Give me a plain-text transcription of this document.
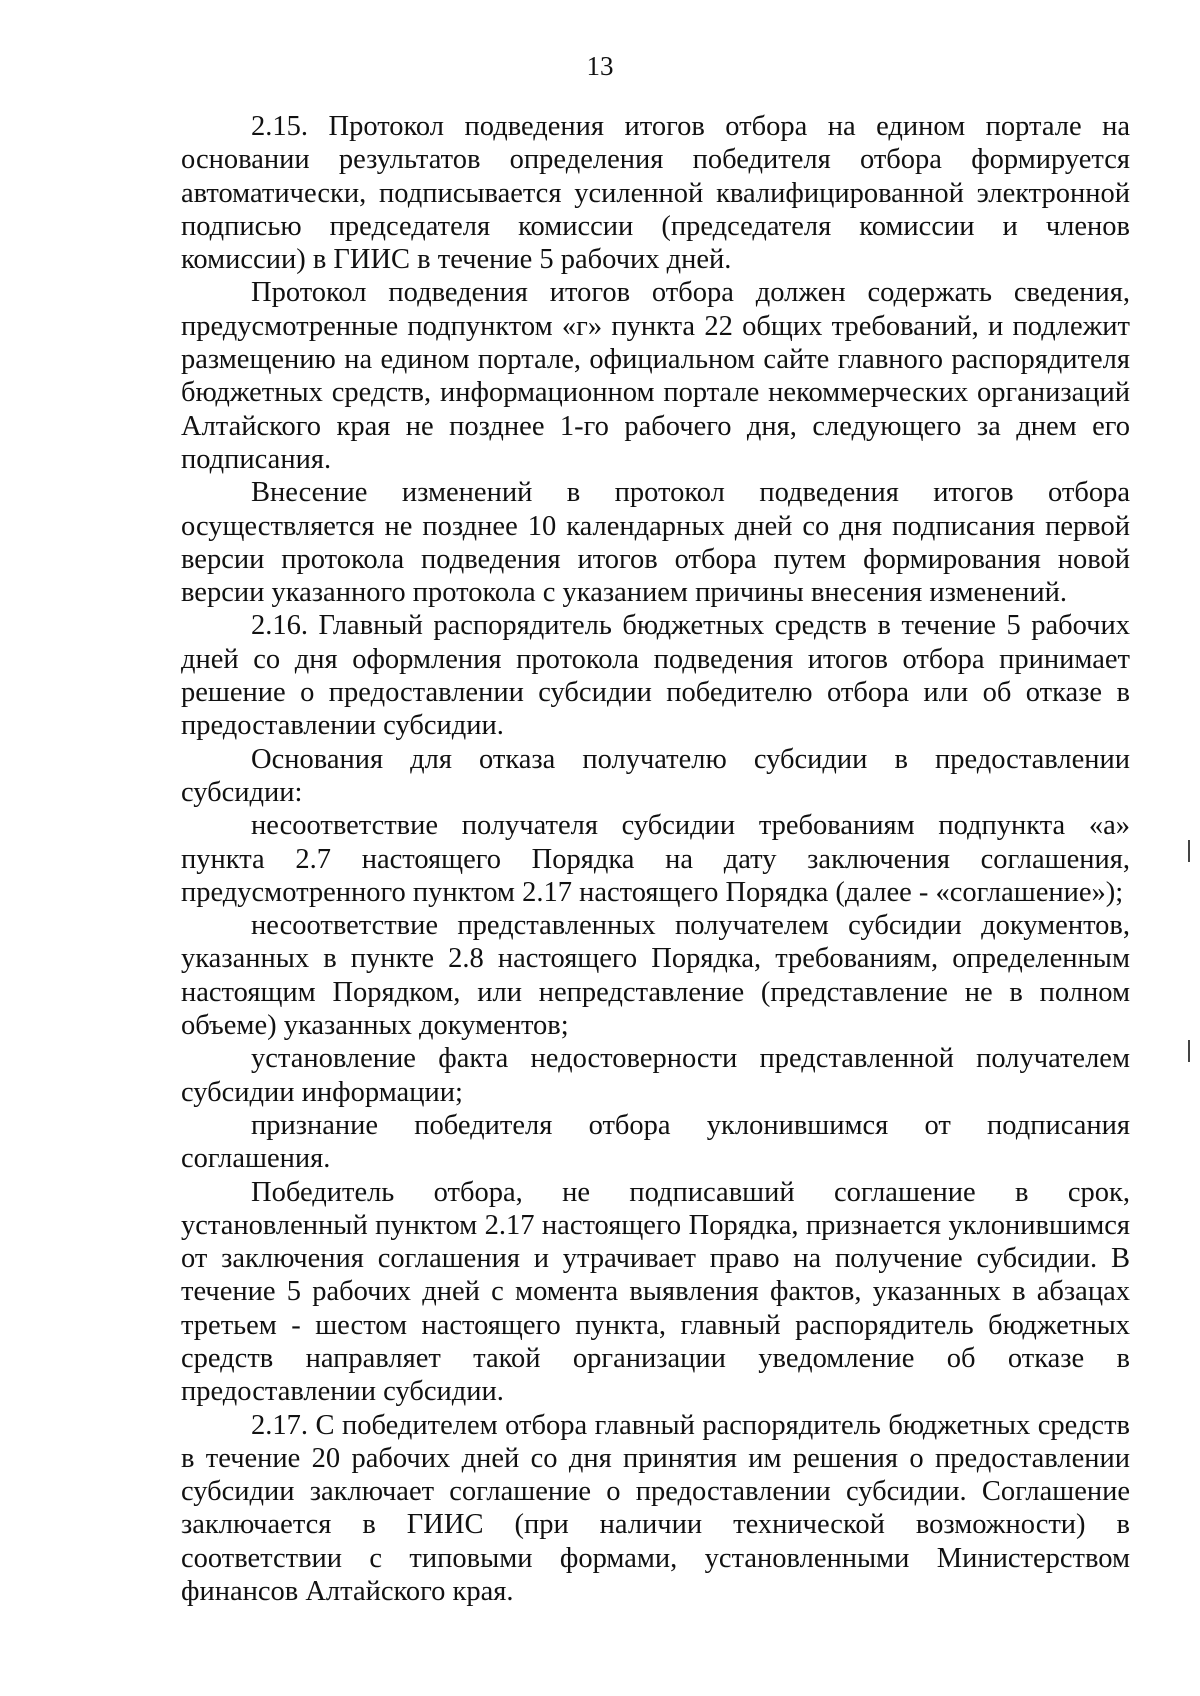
13

2.15. Протокол подведения итогов отбора на едином портале на основании результатов определения победителя отбора формируется автоматически, подписывается усиленной квалифицированной электронной подписью председателя комиссии (председателя комиссии и членов комиссии) в ГИИС в течение 5 рабочих дней.

Протокол подведения итогов отбора должен содержать сведения, предусмотренные подпунктом «г» пункта 22 общих требований, и подлежит размещению на едином портале, официальном сайте главного распорядителя бюджетных средств, информационном портале некоммерческих организаций Алтайского края не позднее 1-го рабочего дня, следующего за днем его подписания.

Внесение изменений в протокол подведения итогов отбора осуществляется не позднее 10 календарных дней со дня подписания первой версии протокола подведения итогов отбора путем формирования новой версии указанного протокола с указанием причины внесения изменений.

2.16. Главный распорядитель бюджетных средств в течение 5 рабочих дней со дня оформления протокола подведения итогов отбора принимает решение о предоставлении субсидии победителю отбора или об отказе в предоставлении субсидии.

Основания для отказа получателю субсидии в предоставлении субсидии:

несоответствие получателя субсидии требованиям подпункта «а» пункта 2.7 настоящего Порядка на дату заключения соглашения, предусмотренного пунктом 2.17 настоящего Порядка (далее - «соглашение»);

несоответствие представленных получателем субсидии документов, указанных в пункте 2.8 настоящего Порядка, требованиям, определенным настоящим Порядком, или непредставление (представление не в полном объеме) указанных документов;

установление факта недостоверности представленной получателем субсидии информации;

признание победителя отбора уклонившимся от подписания соглашения.

Победитель отбора, не подписавший соглашение в срок, установленный пунктом 2.17 настоящего Порядка, признается уклонившимся от заключения соглашения и утрачивает право на получение субсидии. В течение 5 рабочих дней с момента выявления фактов, указанных в абзацах третьем - шестом настоящего пункта, главный распорядитель бюджетных средств направляет такой организации уведомление об отказе в предоставлении субсидии.

2.17. С победителем отбора главный распорядитель бюджетных средств в течение 20 рабочих дней со дня принятия им решения о предоставлении субсидии заключает соглашение о предоставлении субсидии. Соглашение заключается в ГИИС (при наличии технической возможности) в соответствии с типовыми формами, установленными Министерством финансов Алтайского края.
